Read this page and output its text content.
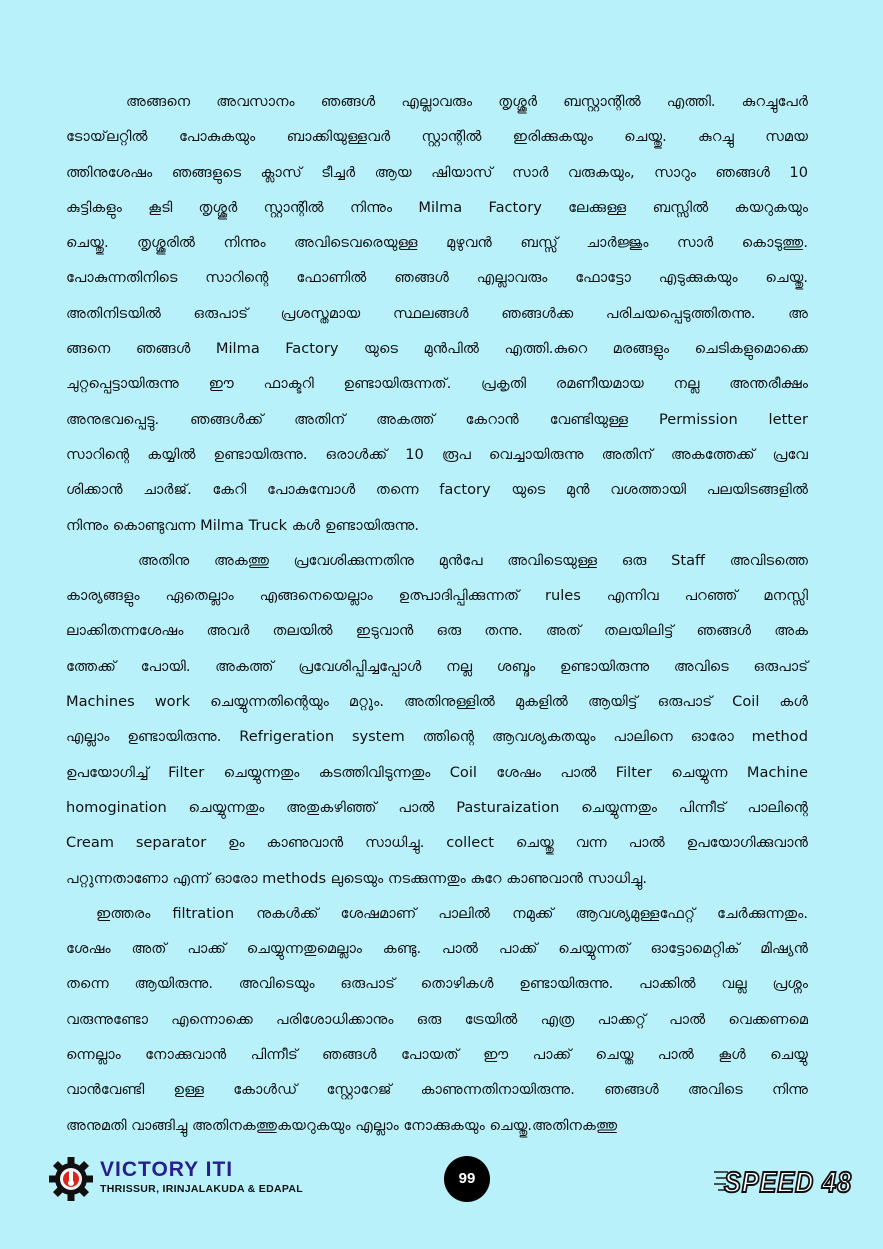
അങ്ങനെ അവസാനം ഞങ്ങൾ എല്ലാവരും തൃശ്ശൂർ ബസ്റ്റാന്റിൽ എത്തി. കുറച്ചുപേർ
ടോയ്‌ലറ്റിൽ പോകുകയും ബാക്കിയുള്ളവർ സ്റ്റാന്റിൽ ഇരിക്കുകയും ചെയ്തു. കുറച്ചു സമയ
ത്തിനുശേഷം ഞങ്ങളുടെ ക്ലാസ് ടീച്ചർ ആയ ഷിയാസ് സാർ വരുകയും, സാറും ഞങ്ങൾ 10
കുട്ടികളും കൂടി തൃശ്ശൂർ സ്റ്റാന്റിൽ നിന്നും Milma Factory ലേക്കുള്ള ബസ്സിൽ കയറുകയും
ചെയ്തു. തൃശ്ശൂരിൽ നിന്നും അവിടെവരെയുള്ള മുഴുവൻ ബസ്സ് ചാർജ്ജും സാർ കൊടുത്തു.
പോകുന്നതിനിടെ സാറിന്റെ ഫോണിൽ ഞങ്ങൾ എല്ലാവരും ഫോട്ടോ എടുക്കുകയും ചെയ്തു.
അതിനിടയിൽ ഒരുപാട് പ്രശസ്തമായ സ്ഥലങ്ങൾ ഞങ്ങൾക്ക പരിചയപ്പെടുത്തിതന്നു. അ
ങ്ങനെ ഞങ്ങൾ Milma Factory യുടെ മുൻപിൽ എത്തി.കുറെ മരങ്ങളും ചെടികളുമൊക്കെ
ചുറ്റപ്പെട്ടായിരുന്നു ഈ ഫാക്ടറി ഉണ്ടായിരുന്നത്. പ്രകൃതി രമണീയമായ നല്ല അന്തരീക്ഷം
അനുഭവപ്പെട്ടു. ഞങ്ങൾക്ക് അതിന് അകത്ത് കേറാൻ വേണ്ടിയുള്ള Permission letter
സാറിന്റെ കയ്യിൽ ഉണ്ടായിരുന്നു. ഒരാൾക്ക് 10 രൂപ വെച്ചായിരുന്നു അതിന് അകത്തേക്ക് പ്രവേ
ശിക്കാൻ ചാർജ്. കേറി പോകുമ്പോൾ തന്നെ factory യുടെ മുൻ വശത്തായി പലയിടങ്ങളിൽ
നിന്നും കൊണ്ടുവന്ന Milma Truck കൾ ഉണ്ടായിരുന്നു.

അതിനു അകത്തു പ്രവേശിക്കുന്നതിനു മുൻപേ അവിടെയുള്ള ഒരു Staff അവിടത്തെ
കാര്യങ്ങളും ഏതെല്ലാം എങ്ങനെയെല്ലാം ഉത്പാദിപ്പിക്കുന്നത് rules എന്നിവ പറഞ്ഞ് മനസ്സി
ലാക്കിതന്നശേഷം അവർ തലയിൽ ഇടുവാൻ ഒരു തന്നു. അത് തലയിലിട്ട് ഞങ്ങൾ അക
ത്തേക്ക് പോയി. അകത്ത് പ്രവേശിപ്പിച്ചപ്പോൾ നല്ല ശബ്ദം ഉണ്ടായിരുന്നു അവിടെ ഒരുപാട്
Machines work ചെയ്യുന്നതിന്റെയും മറ്റും. അതിനുള്ളിൽ മുകളിൽ ആയിട്ട് ഒരുപാട് Coil കൾ
എല്ലാം ഉണ്ടായിരുന്നു. Refrigeration system ത്തിന്റെ ആവശ്യകതയും പാലിനെ ഓരോ method
ഉപയോഗിച്ച് Filter ചെയ്യുന്നതും കടത്തിവിടുന്നതും Coil ശേഷം പാൽ Filter ചെയ്യുന്ന Machine
homogination ചെയ്യുന്നതും അതുകഴിഞ്ഞ് പാൽ Pasturaization ചെയ്യുന്നതും പിന്നീട് പാലിന്റെ
Cream separator ഉം കാണുവാൻ സാധിച്ചു. collect ചെയ്തു വന്ന പാൽ ഉപയോഗിക്കുവാൻ
പറ്റുന്നതാണോ എന്ന് ഓരോ methods ലുടെയും നടക്കുന്നതും കുറേ കാണുവാൻ സാധിച്ചു.

ഇത്തരം filtration നുകൾക്ക് ശേഷമാണ് പാലിൽ നമുക്ക് ആവശ്യമുള്ളഫേറ്റ് ചേർക്കുന്നതും.
ശേഷം അത് പാക്ക് ചെയ്യുന്നതുമെല്ലാം കണ്ടു. പാൽ പാക്ക് ചെയ്യുന്നത് ഓട്ടോമെറ്റിക് മിഷ്യൻ
തന്നെ ആയിരുന്നു. അവിടെയും ഒരുപാട് തൊഴികൾ ഉണ്ടായിരുന്നു. പാക്കിൽ വല്ല പ്രശ്നം
വരുന്നുണ്ടോ എന്നൊക്കെ പരിശോധിക്കാനും ഒരു ട്രേയിൽ എത്ര പാക്കറ്റ് പാൽ വെക്കണമെ
ന്നെല്ലാം നോക്കുവാൻ പിന്നീട് ഞങ്ങൾ പോയത് ഈ പാക്ക് ചെയ്ത പാൽ കൂൾ ചെയ്യു
വാൻവേണ്ടി ഉള്ള കോൾഡ് സ്റ്റോറേജ് കാണുന്നതിനായിരുന്നു. ഞങ്ങൾ അവിടെ നിന്നു
അനുമതി വാങ്ങിച്ചു അതിനകത്തുകയറുകയും എല്ലാം നോക്കുകയും ചെയ്തു.അതിനകത്തു

VICTORY ITI
THRISSUR, IRINJALAKUDA & EDAPAL
99	SPEED 48
